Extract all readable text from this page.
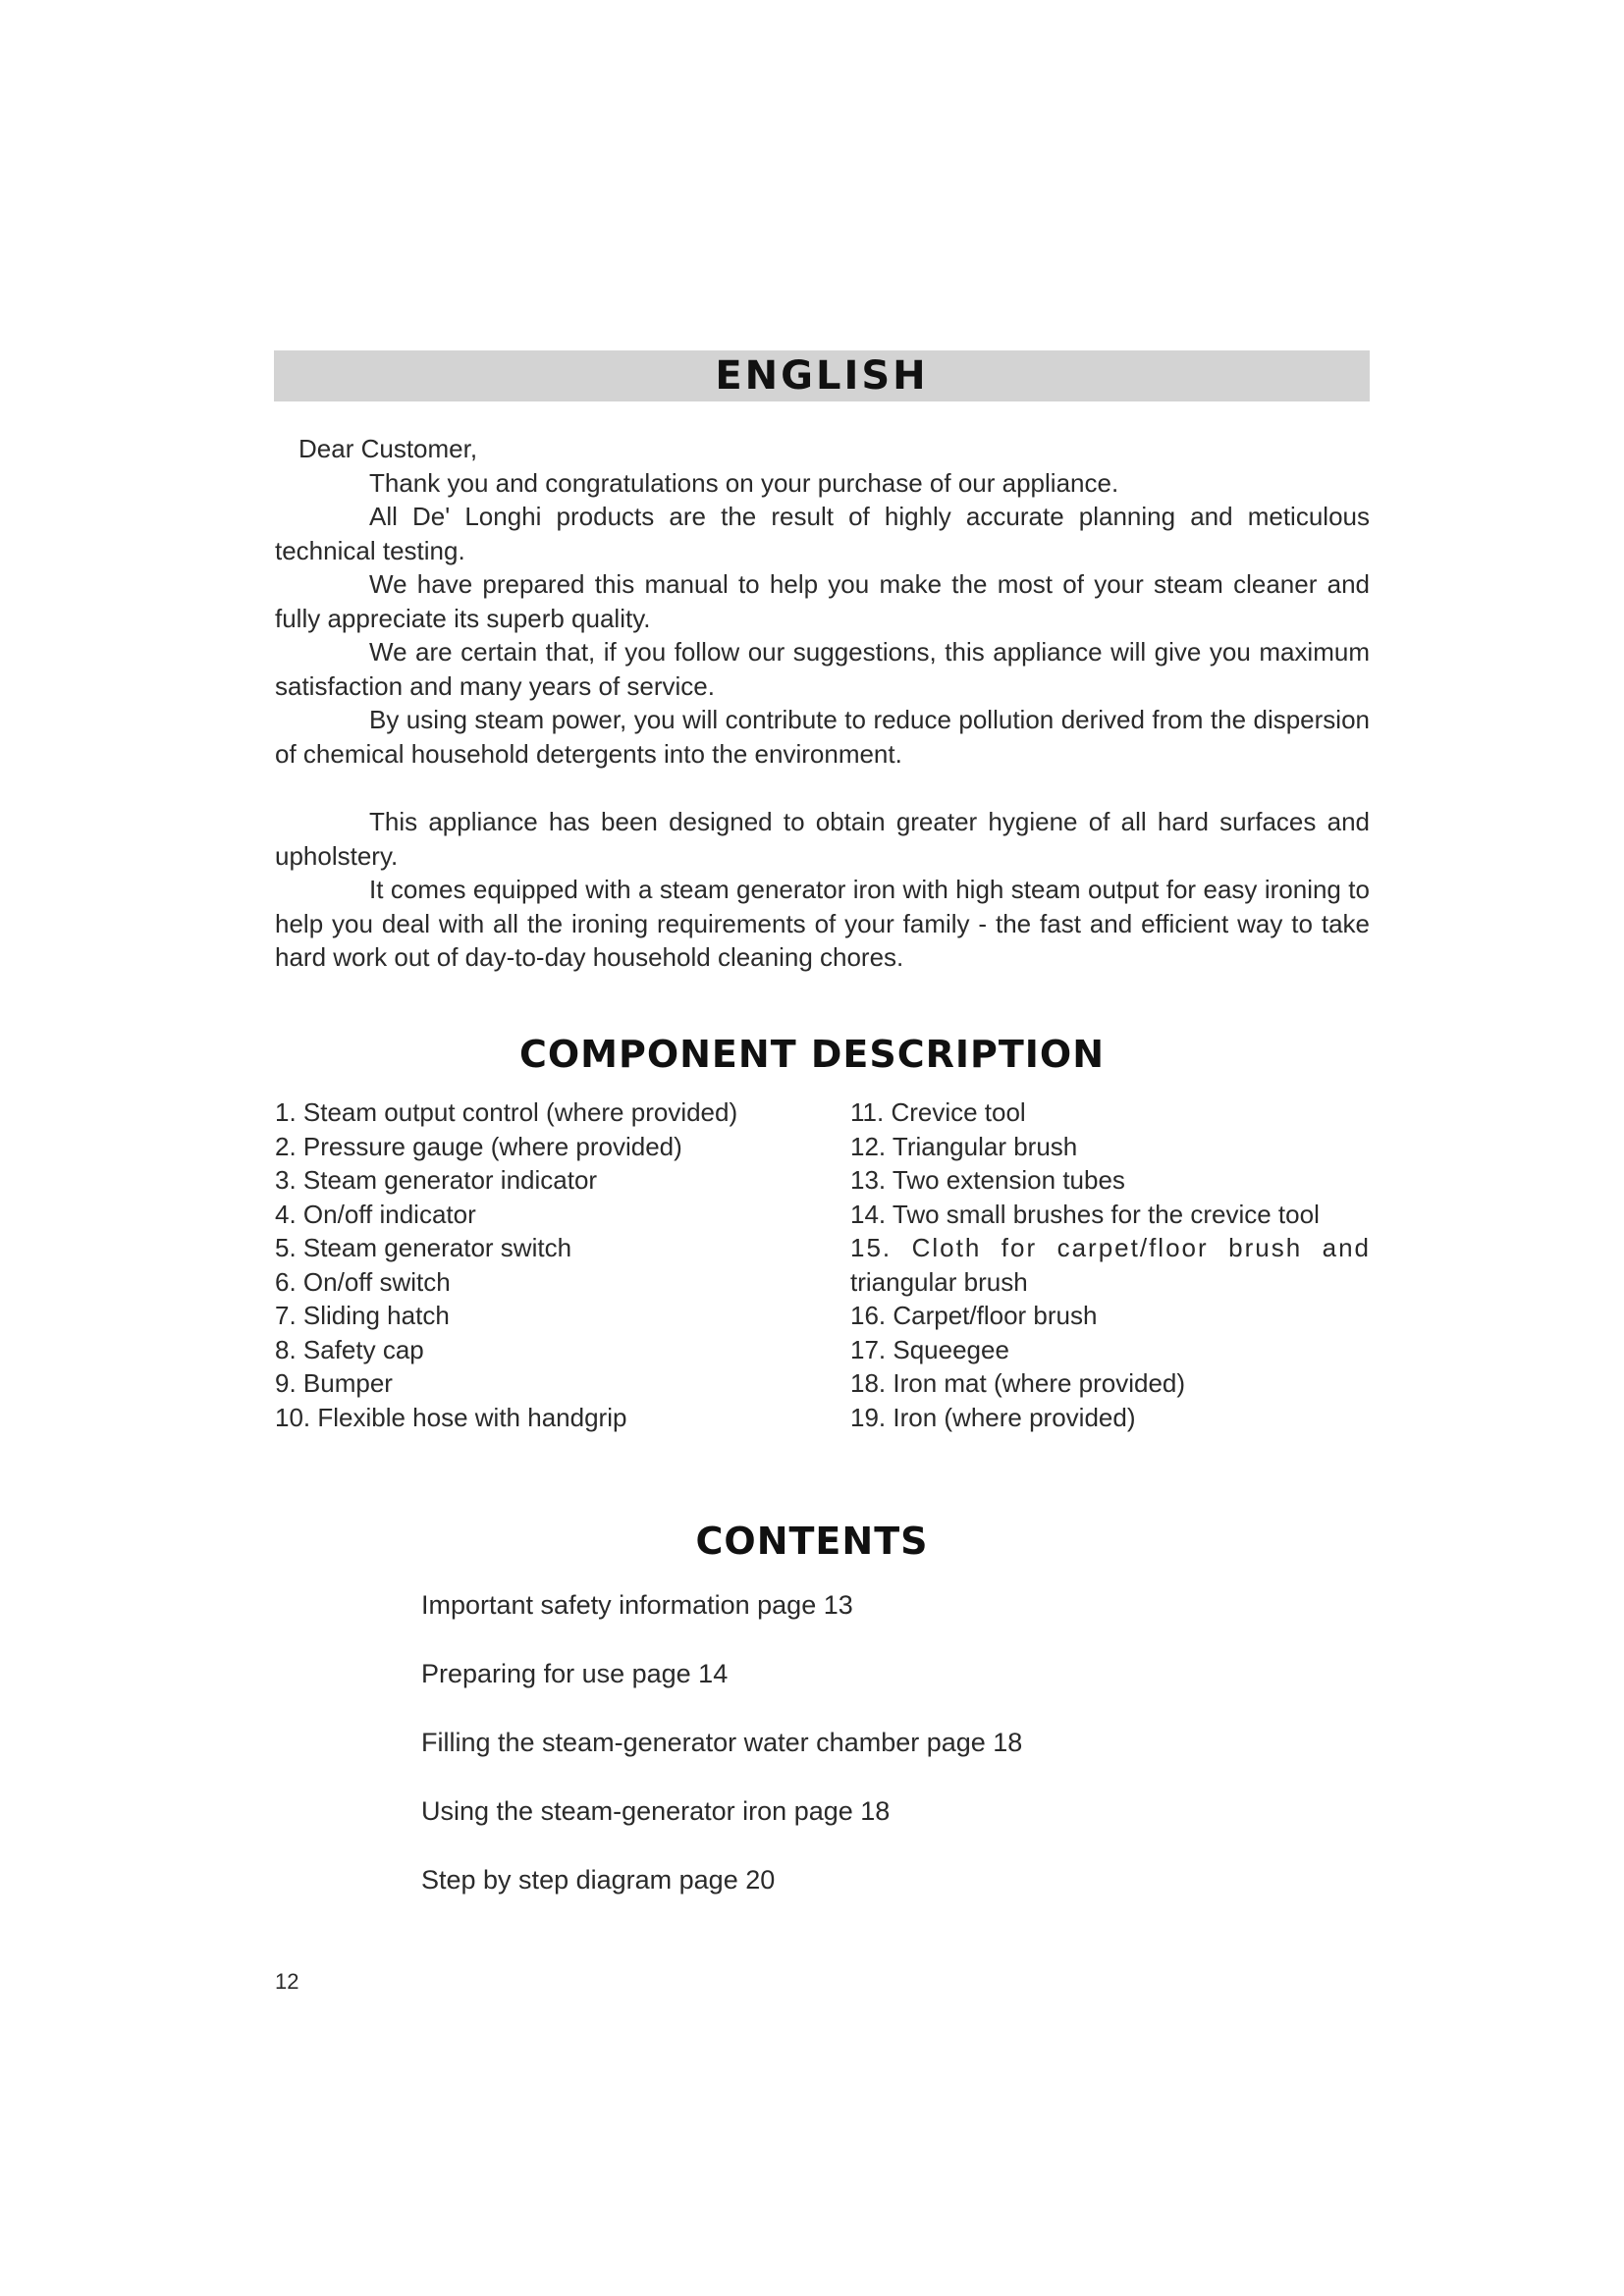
ENGLISH

Dear Customer,

Thank you and congratulations on your purchase of our appliance.

All De' Longhi products are the result of highly accurate planning and meticulous technical testing.

We have prepared this manual to help you make the most of your steam cleaner and fully appreciate its superb quality.

We are certain that, if you follow our suggestions, this appliance will give you maximum satisfaction and many years of service.

By using steam power, you will contribute to reduce pollution derived from the dispersion of chemical household detergents into the environment.

This appliance has been designed to obtain greater hygiene of all hard surfaces and upholstery.

It comes equipped with a steam generator iron with high steam output for easy ironing to help you deal with all the ironing requirements of your family - the fast and efficient way to take hard work out of day-to-day household cleaning chores.

COMPONENT DESCRIPTION
1. Steam output control (where provided)
2. Pressure gauge (where provided)
3. Steam generator indicator
4. On/off indicator
5. Steam generator switch
6. On/off switch
7. Sliding hatch
8. Safety cap
9. Bumper
10. Flexible hose with handgrip
11. Crevice tool
12. Triangular brush
13. Two extension tubes
14. Two small brushes for the crevice tool
15. Cloth for carpet/floor brush and
triangular brush
16. Carpet/floor brush
17. Squeegee
18. Iron mat (where provided)
19. Iron (where provided)
CONTENTS
Important safety information page 13
Preparing for use page 14
Filling the steam-generator water chamber page 18
Using the steam-generator iron page 18
Step by step diagram page 20
12
